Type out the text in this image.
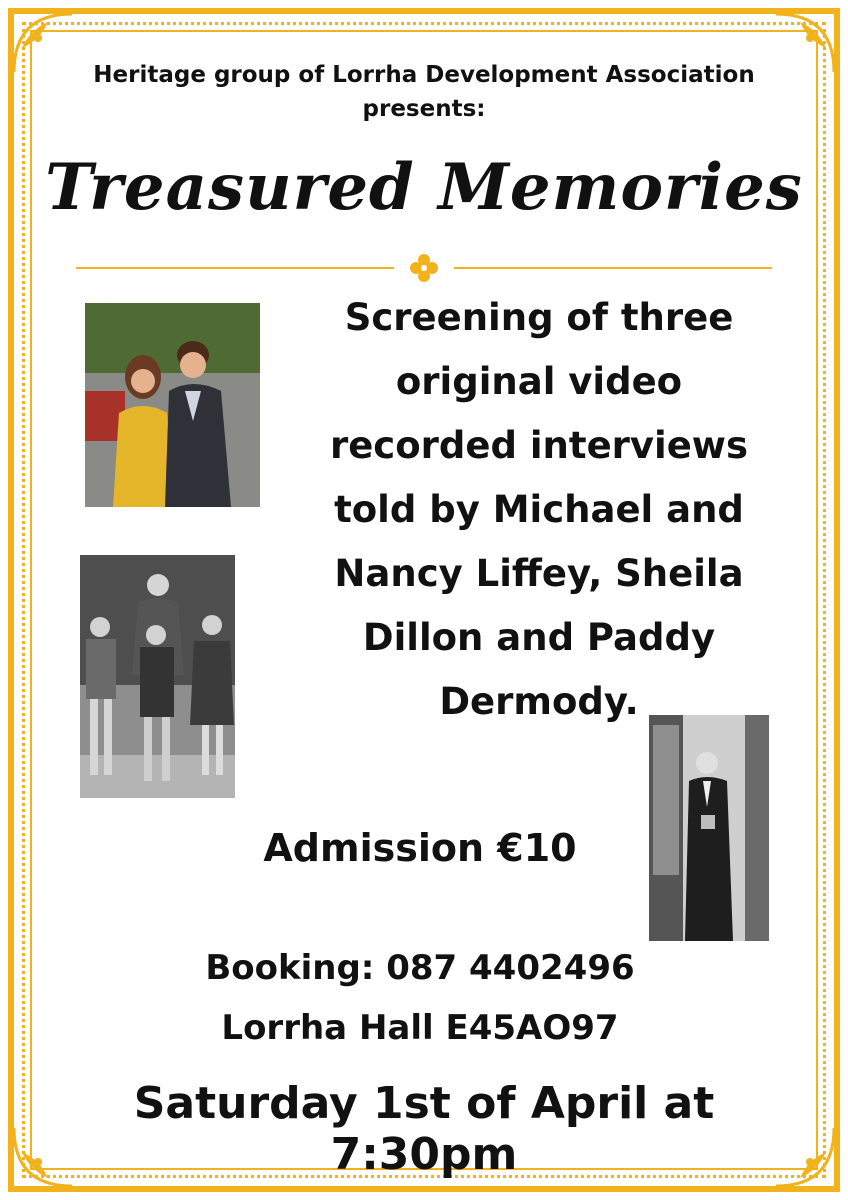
Heritage group of Lorrha Development Association
presents:
Treasured Memories
Screening of three original video recorded interviews told by Michael and Nancy Liffey, Sheila Dillon and Paddy Dermody.
Admission €10
Booking: 087 4402496
Lorrha Hall E45AO97
Saturday 1st of April at 7:30pm
